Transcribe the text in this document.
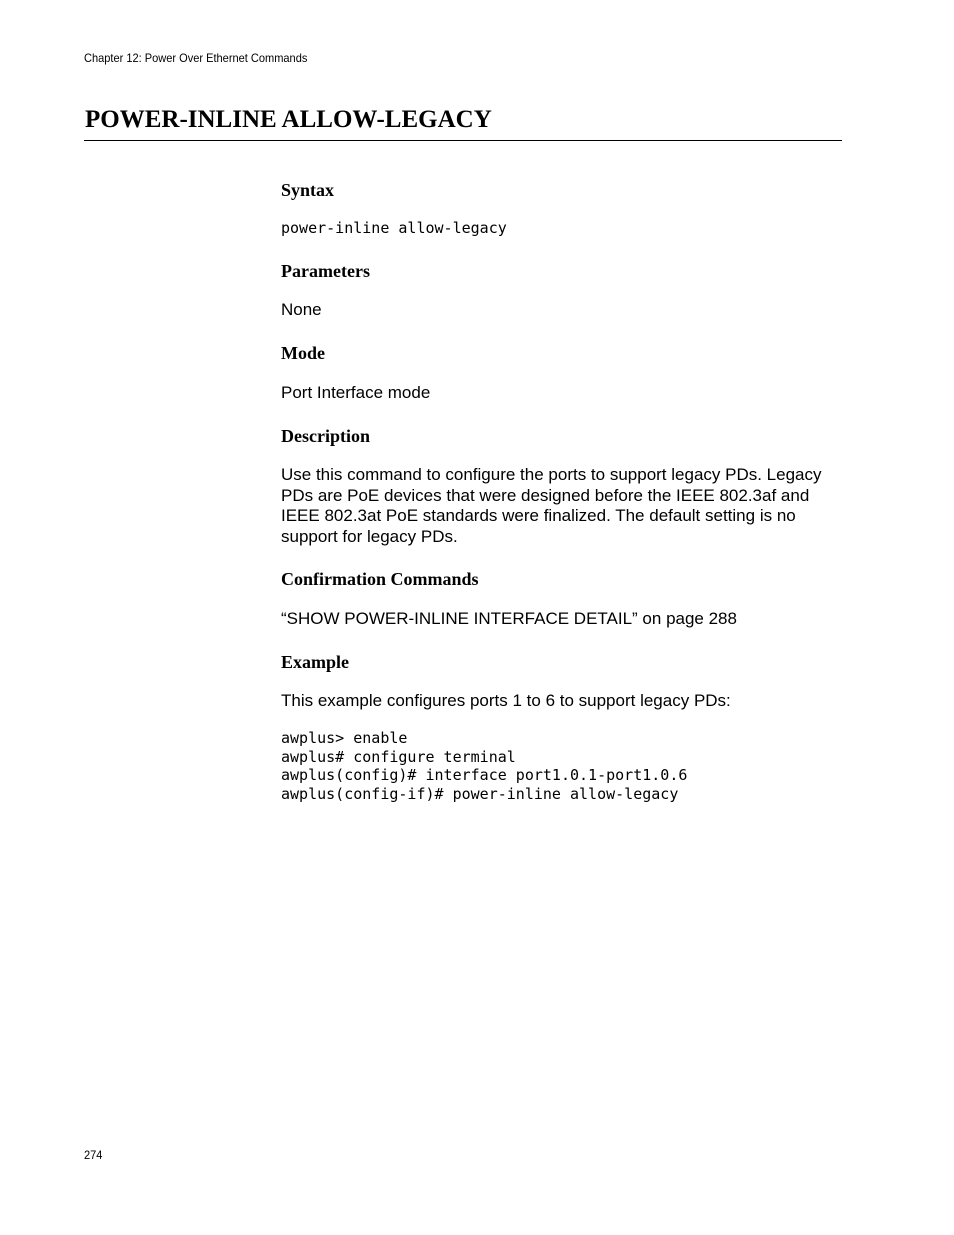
Chapter 12: Power Over Ethernet Commands
POWER-INLINE ALLOW-LEGACY
Syntax
power-inline allow-legacy
Parameters

None

Mode

Port Interface mode

Description

Use this command to configure the ports to support legacy PDs. Legacy PDs are PoE devices that were designed before the IEEE 802.3af and IEEE 802.3at PoE standards were finalized. The default setting is no support for legacy PDs.

Confirmation Commands

“SHOW POWER-INLINE INTERFACE DETAIL” on page 288

Example

This example configures ports 1 to 6 to support legacy PDs:

awplus> enable
awplus# configure terminal
awplus(config)# interface port1.0.1-port1.0.6
awplus(config-if)# power-inline allow-legacy
274
